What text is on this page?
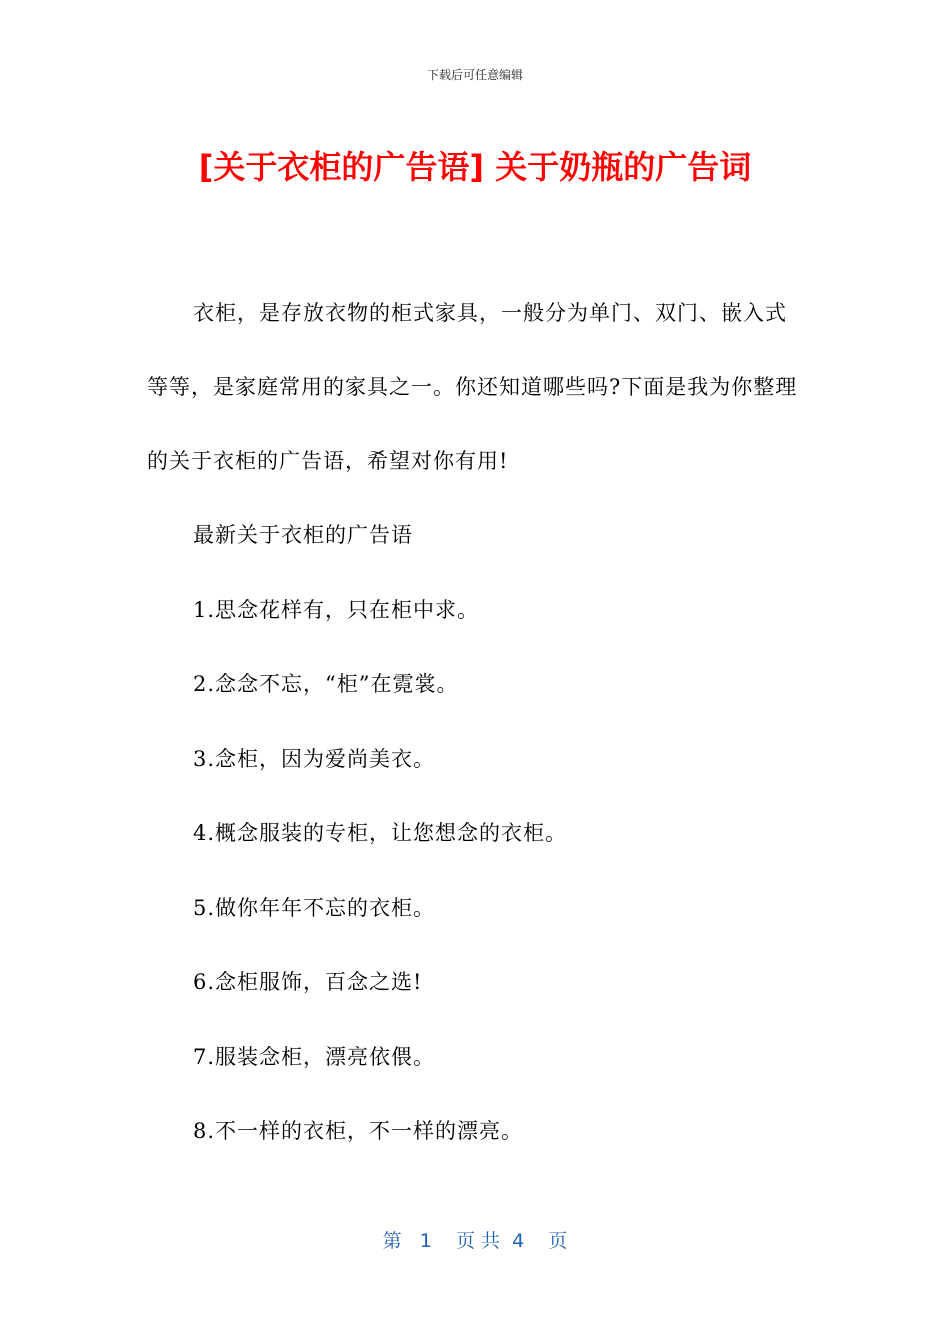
下载后可任意编辑
[关于衣柜的广告语] 关于奶瓶的广告词

衣柜，是存放衣物的柜式家具，一般分为单门、双门、嵌入式等等，是家庭常用的家具之一。你还知道哪些吗?下面是我为你整理的关于衣柜的广告语，希望对你有用!

最新关于衣柜的广告语

1.思念花样有，只在柜中求。

2.念念不忘，“柜”在霓裳。

3.念柜，因为爱尚美衣。

4.概念服装的专柜，让您想念的衣柜。

5.做你年年不忘的衣柜。

6.念柜服饰，百念之选!

7.服装念柜，漂亮依偎。

8.不一样的衣柜，不一样的漂亮。

第   1    页 共  4    页
